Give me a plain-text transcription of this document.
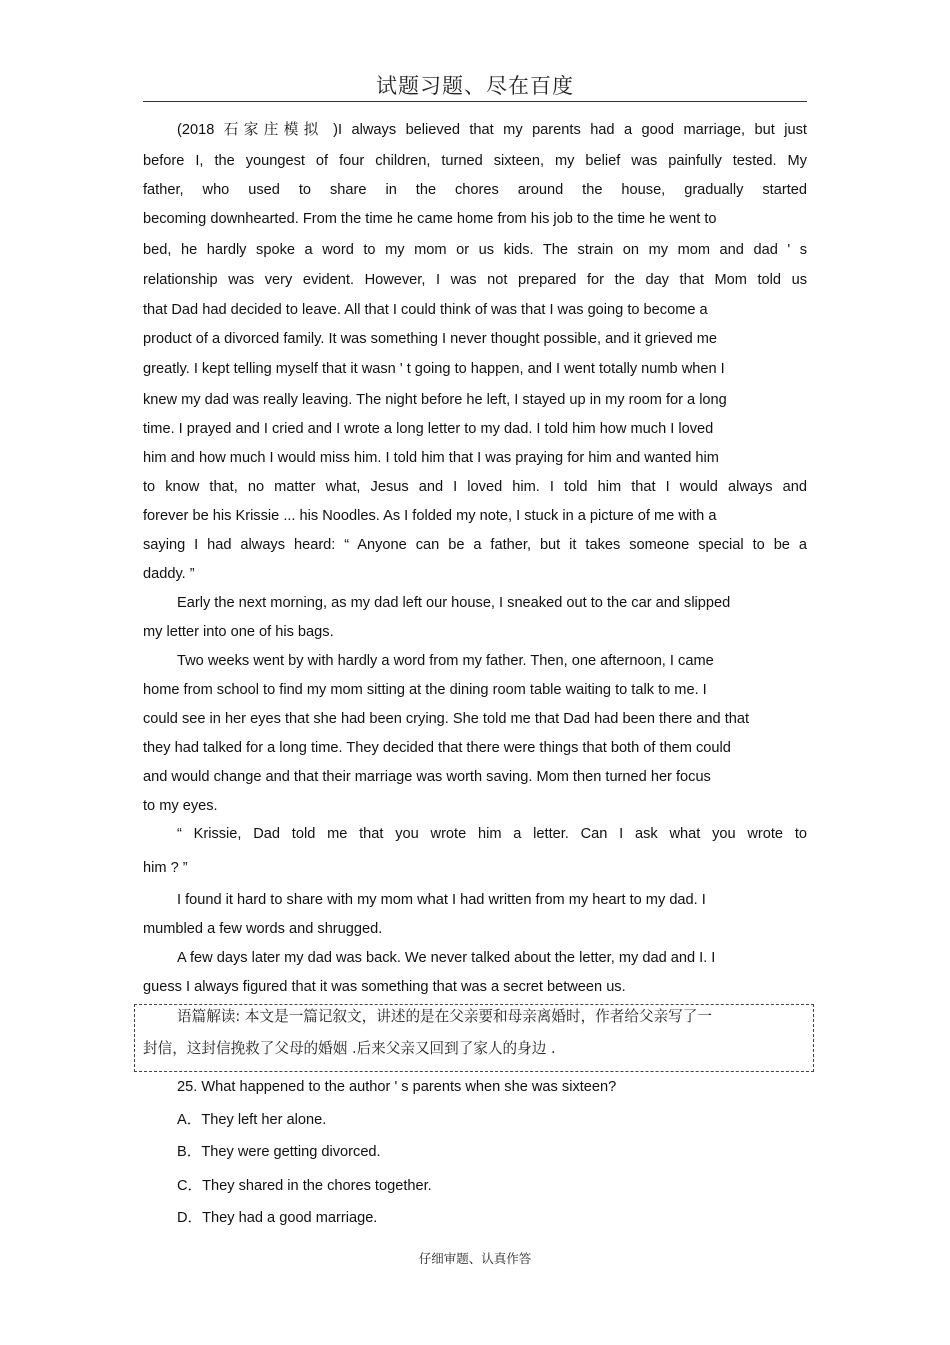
试题习题、尽在百度
(2018 石家庄模拟 )I always believed that my parents had a good marriage, but just
before I, the youngest of four children, turned sixteen, my belief was painfully tested. My
father, who used to share in the chores around the house, gradually started
becoming downhearted. From the time he came home from his job to the time he went to
bed, he hardly spoke a word to my mom or us kids. The strain on my mom and dad ' s
relationship was very evident. However, I was not prepared for the day that Mom told us
that Dad had decided to leave. All that I could think of was that I was going to become a
product of a divorced family. It was something I never thought possible, and it grieved me
greatly. I kept telling myself that it wasn ' t going to happen, and I went totally numb when I
knew my dad was really leaving. The night before he left, I stayed up in my room for a long
time. I prayed and I cried and I wrote a long letter to my dad. I told him how much I loved
him and how much I would miss him. I told him that I was praying for him and wanted him
to know that, no matter what, Jesus and I loved him. I told him that I would always and
forever be his Krissie ... his Noodles. As I folded my note, I stuck in a picture of me with a
saying I had always heard: “ Anyone can be a father, but it takes someone special to be a
daddy. ”
Early the next morning, as my dad left our house, I sneaked out to the car and slipped
my letter into one of his bags.
Two weeks went by with hardly a word from my father. Then, one afternoon, I came
home from school to find my mom sitting at the dining room table waiting to talk to me. I
could see in her eyes that she had been crying. She told me that Dad had been there and that
they had talked for a long time. They decided that there were things that both of them could
and would change and that their marriage was worth saving. Mom then turned her focus
to my eyes.
“ Krissie, Dad told me that you wrote him a letter. Can I ask what you wrote to
him ? ”
I found it hard to share with my mom what I had written from my heart to my dad. I
mumbled a few words and shrugged.
A few days later my dad was back. We never talked about the letter, my dad and I. I
guess I always figured that it was something that was a secret between us.
语篇解读: 本文是一篇记叙文，讲述的是在父亲要和母亲离婚时，作者给父亲写了一
封信，这封信挽救了父母的婚姻 .后来父亲又回到了家人的身边 .
25. What happened to the author ' s parents when she was sixteen?
A．They left her alone.
B．They were getting divorced.
C．They shared in the chores together.
D．They had a good marriage.
仔细审题、认真作答
